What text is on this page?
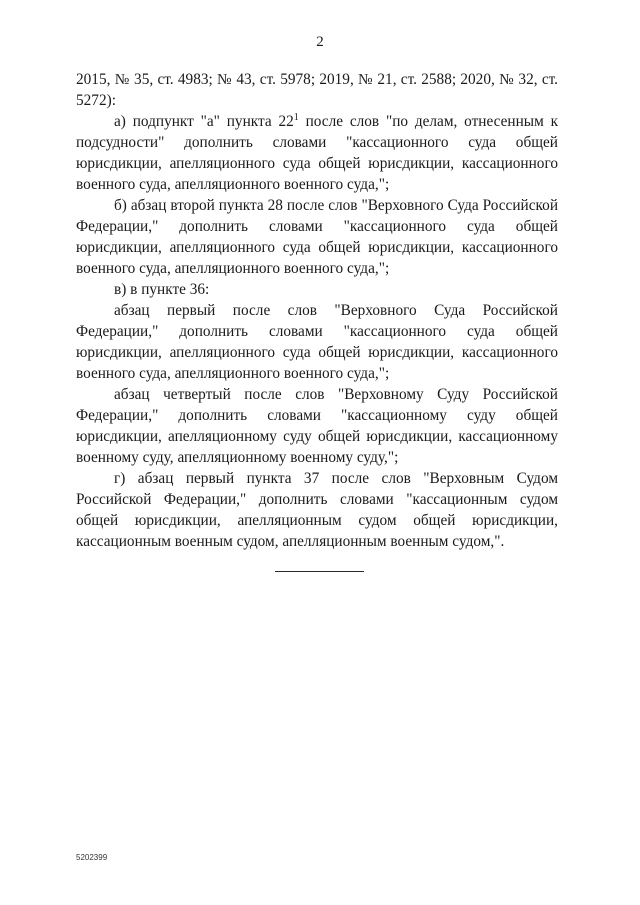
2

2015, № 35, ст. 4983; № 43, ст. 5978; 2019, № 21, ст. 2588; 2020, № 32, ст. 5272):

а) подпункт "а" пункта $22^1$ после слов "по делам, отнесенным к подсудности" дополнить словами "кассационного суда общей юрисдикции, апелляционного суда общей юрисдикции, кассационного военного суда, апелляционного военного суда,";

б) абзац второй пункта 28 после слов "Верховного Суда Российской Федерации," дополнить словами "кассационного суда общей юрисдикции, апелляционного суда общей юрисдикции, кассационного военного суда, апелляционного военного суда,";

в) в пункте 36:

абзац первый после слов "Верховного Суда Российской Федерации," дополнить словами "кассационного суда общей юрисдикции, апелляционного суда общей юрисдикции, кассационного военного суда, апелляционного военного суда,";

абзац четвертый после слов "Верховному Суду Российской Федерации," дополнить словами "кассационному суду общей юрисдикции, апелляционному суду общей юрисдикции, кассационному военному суду, апелляционному военному суду,";

г) абзац первый пункта 37 после слов "Верховным Судом Российской Федерации," дополнить словами "кассационным судом общей юрисдикции, апелляционным судом общей юрисдикции, кассационным военным судом, апелляционным военным судом,".

5202399
